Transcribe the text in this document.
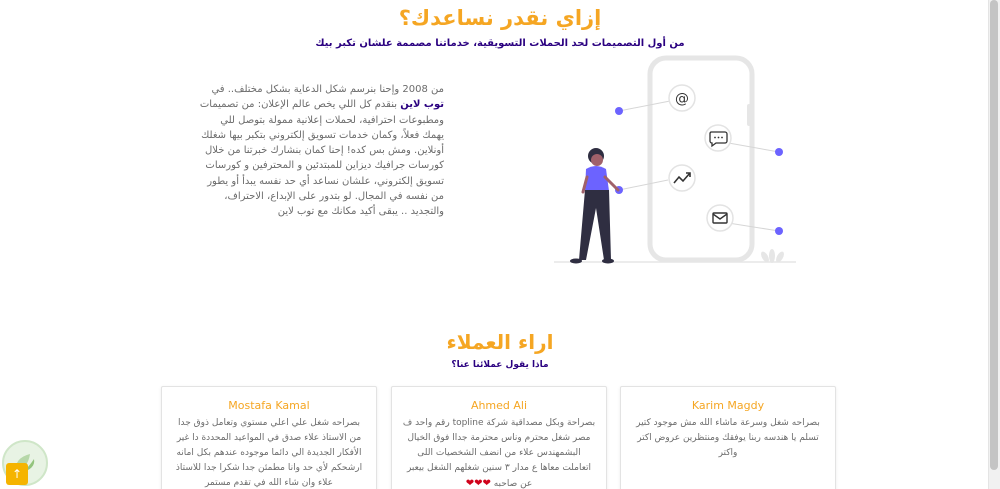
إزاي نقدر نساعدك؟
من أول التصميمات لحد الحملات التسويقية، خدماتنا مصممة علشان تكبر بيك
من 2008 وإحنا بنرسم شكل الدعاية بشكل مختلف.. في توب لاين بنقدم كل اللي يخص عالم الإعلان: من تصميمات ومطبوعات احترافية، لحملات إعلانية ممولة بتوصل للي يهمك فعلاً، وكمان خدمات تسويق إلكتروني بتكبر بيها شغلك أونلاين. ومش بس كده! إحنا كمان بنشارك خبرتنا من خلال كورسات جرافيك ديزاين للمبتدئين و المحترفين و كورسات تسويق إلكتروني، علشان نساعد أي حد نفسه يبدأ أو يطور من نفسه في المجال. لو بتدور على الإبداع، الاحتراف، والتجديد .. يبقى أكيد مكانك مع توب لاين
@
اراء العملاء
ماذا يقول عملائنا عنا؟
Mostafa Kamal
بصراحه شغل علي اعلي مستوي وتعامل ذوق جدا من الاستاذ علاء صدق في المواعيد المحددة دا غير الأفكار الجديدة الي دائما موجوده عندهم بكل امانه ارشحكم لأي حد وانا مطمئن جدا شكرا جدا للاستاذ علاء وان شاء الله في تقدم مستمر
Ahmed Ali
بصراحة وبكل مصداقية شركة topline رقم واحد ف مصر شغل محترم وناس محترمة جداا فوق الخيال البشمهندس علاء من انضف الشخصيات اللى اتعاملت معاها ع مدار ٣ سنين شغلهم الشغل بيعبر عن صاحبه ❤❤❤
Karim Magdy
بصراحه شغل وسرعة ماشاء الله مش موجود كتير تسلم يا هندسه ربنا يوفقك ومنتظرين عروض اكتر واكتر
↑
